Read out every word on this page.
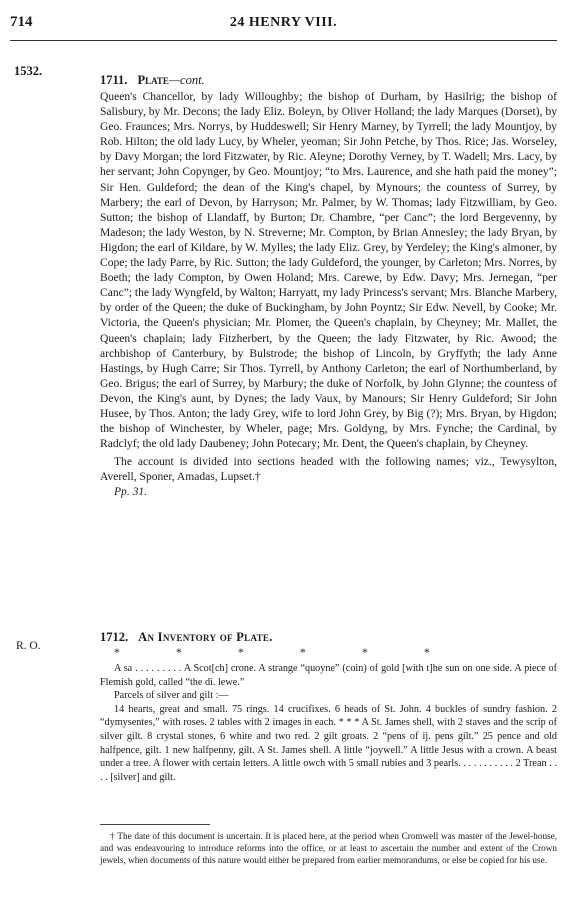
714	24 HENRY VIII.
1532.
1711. Plate—cont.

Queen's Chancellor, by lady Willoughby; the bishop of Durham, by Hasilrig; the bishop of Salisbury, by Mr. Decons; the lady Eliz. Boleyn, by Oliver Holland; the lady Marques (Dorset), by Geo. Fraunces; Mrs. Norrys, by Huddeswell; Sir Henry Marney, by Tyrrell; the lady Mountjoy, by Rob. Hilton; the old lady Lucy, by Wheler, yeoman; Sir John Petche, by Thos. Rice; Jas. Worseley, by Davy Morgan; the lord Fitzwater, by Ric. Aleyne; Dorothy Verney, by T. Wadell; Mrs. Lacy, by her servant; John Copynger, by Geo. Mountjoy; “to Mrs. Laurence, and she hath paid the money”; Sir Hen. Guldeford; the dean of the King's chapel, by Mynours; the countess of Surrey, by Marbery; the earl of Devon, by Harryson; Mr. Palmer, by W. Thomas; lady Fitzwilliam, by Geo. Sutton; the bishop of Llandaff, by Burton; Dr. Chambre, “per Canc”; the lord Bergevenny, by Madeson; the lady Weston, by N. Streverne; Mr. Compton, by Brian Annesley; the lady Bryan, by Higdon; the earl of Kildare, by W. Mylles; the lady Eliz. Grey, by Yerdeley; the King's almoner, by Cope; the lady Parre, by Ric. Sutton; the lady Guldeford, the younger, by Carleton; Mrs. Norres, by Boeth; the lady Compton, by Owen Holand; Mrs. Carewe, by Edw. Davy; Mrs. Jernegan, “per Canc”; the lady Wyngfeld, by Walton; Harryatt, my lady Princess's servant; Mrs. Blanche Marbery, by order of the Queen; the duke of Buckingham, by John Poyntz; Sir Edw. Nevell, by Cooke; Mr. Victoria, the Queen's physician; Mr. Plomer, the Queen's chaplain, by Cheyney; Mr. Mallet, the Queen's chaplain; lady Fitzherbert, by the Queen; the lady Fitzwater, by Ric. Awood; the archbishop of Canterbury, by Bulstrode; the bishop of Lincoln, by Gryffyth; the lady Anne Hastings, by Hugh Carre; Sir Thos. Tyrrell, by Anthony Carleton; the earl of Northumberland, by Geo. Brigus; the earl of Surrey, by Marbury; the duke of Norfolk, by John Glynne; the countess of Devon, the King's aunt, by Dynes; the lady Vaux, by Manours; Sir Henry Guldeford; Sir John Husee, by Thos. Anton; the lady Grey, wife to lord John Grey, by Big (?); Mrs. Bryan, by Higdon; the bishop of Winchester, by Wheler, page; Mrs. Goldyng, by Mrs. Fynche; the Cardinal, by Radclyf; the old lady Daubeney; John Potecary; Mr. Dent, the Queen's chaplain, by Cheyney.

The account is divided into sections headed with the following names; viz., Tewysylton, Averell, Sponer, Amadas, Lupset.†

Pp. 31.

R. O.
1712. An Inventory of Plate.
*	*	*	*	*	*

A sa . . . . . . . . . A Scot[ch] crone. A strange “quoyne” (coin) of gold [with t]he sun on one side. A piece of Flemish gold, called “the di. lewe.”

Parcels of silver and gilt :—

14 hearts, great and small. 75 rings. 14 crucifixes. 6 heads of St. John. 4 buckles of sundry fashion. 2 “dymysentes,” with roses. 2 tables with 2 images in each. * * * A St. James shell, with 2 staves and the scrip of silver gilt. 8 crystal stones, 6 white and two red. 2 gilt groats. 2 “pens of ij. pens gilt.” 25 pence and old halfpence, gilt. 1 new halfpenny, gilt. A St. James shell. A little “joywell.” A little Jesus with a crown. A beast under a tree. A flower with certain letters. A little owch with 5 small rubies and 3 pearls. . . . . . . . . . . 2 Trean . . . . [silver] and gilt.

† The date of this document is uncertain. It is placed here, at the period when Cromwell was master of the Jewel-house, and was endeavouring to introduce reforms into the office, or at least to ascertain the number and extent of the Crown jewels, when documents of this nature would either be prepared from earlier memorandums, or else be copied for his use.
